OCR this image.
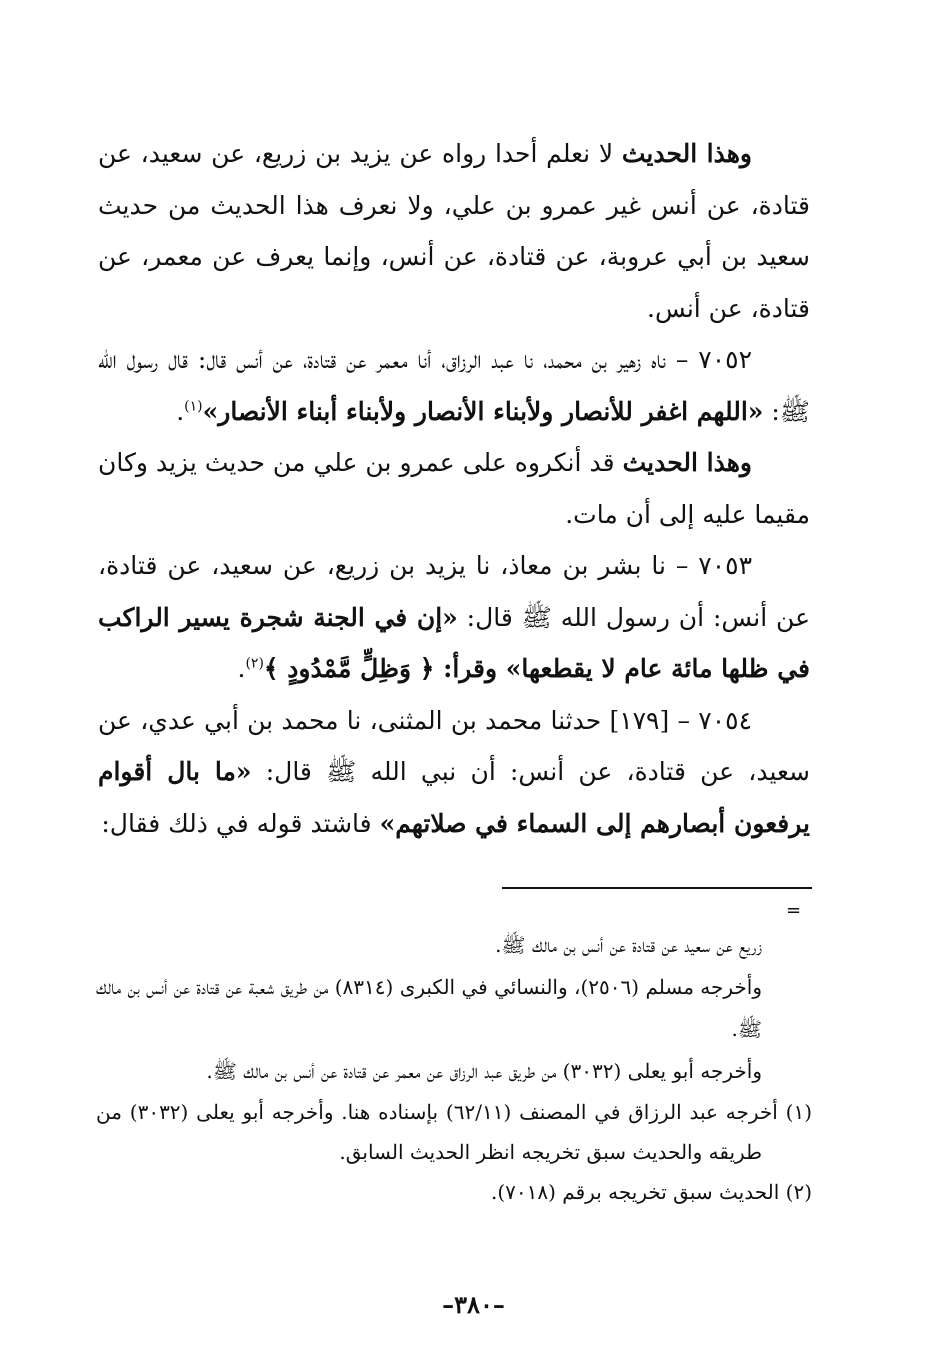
وهذا الحديث لا نعلم أحدا رواه عن يزيد بن زريع، عن سعيد، عن قتادة، عن أنس غير عمرو بن علي، ولا نعرف هذا الحديث من حديث سعيد بن أبي عروبة، عن قتادة، عن أنس، وإنما يعرف عن معمر، عن قتادة، عن أنس.

٧٠٥٢ – ناه زهير بن محمد، نا عبد الرزاق، أنا معمر عن قتادة، عن أنس قال: قال رسول الله ﷺ: «اللهم اغفر للأنصار ولأبناء الأنصار ولأبناء أبناء الأنصار»$^{(١)}$.

وهذا الحديث قد أنكروه على عمرو بن علي من حديث يزيد وكان مقيما عليه إلى أن مات.

٧٠٥٣ – نا بشر بن معاذ، نا يزيد بن زريع، عن سعيد، عن قتادة، عن أنس: أن رسول الله ﷺ قال: «إن في الجنة شجرة يسير الراكب في ظلها مائة عام لا يقطعها» وقرأ: ﴿ وَظِلٍّ مَّمْدُودٍ ﴾$^{(٢)}$.

٧٠٥٤ – [١٧٩] حدثنا محمد بن المثنى، نا محمد بن أبي عدي، عن سعيد، عن قتادة، عن أنس: أن نبي الله ﷺ قال: «ما بال أقوام يرفعون أبصارهم إلى السماء في صلاتهم» فاشتد قوله في ذلك فقال:

=

زريع عن سعيد عن قتادة عن أنس بن مالك ﷺ.

وأخرجه مسلم (٢٥٠٦)، والنسائي في الكبرى (٨٣١٤) من طريق شعبة عن قتادة عن أنس بن مالك ﷺ.

وأخرجه أبو يعلى (٣٠٣٢) من طريق عبد الرزاق عن معمر عن قتادة عن أنس بن مالك ﷺ.

(١) أخرجه عبد الرزاق في المصنف (٦٢/١١) بإسناده هنا. وأخرجه أبو يعلى (٣٠٣٢) من طريقه والحديث سبق تخريجه انظر الحديث السابق.

(٢) الحديث سبق تخريجه برقم (٧٠١٨).

–٣٨٠–
